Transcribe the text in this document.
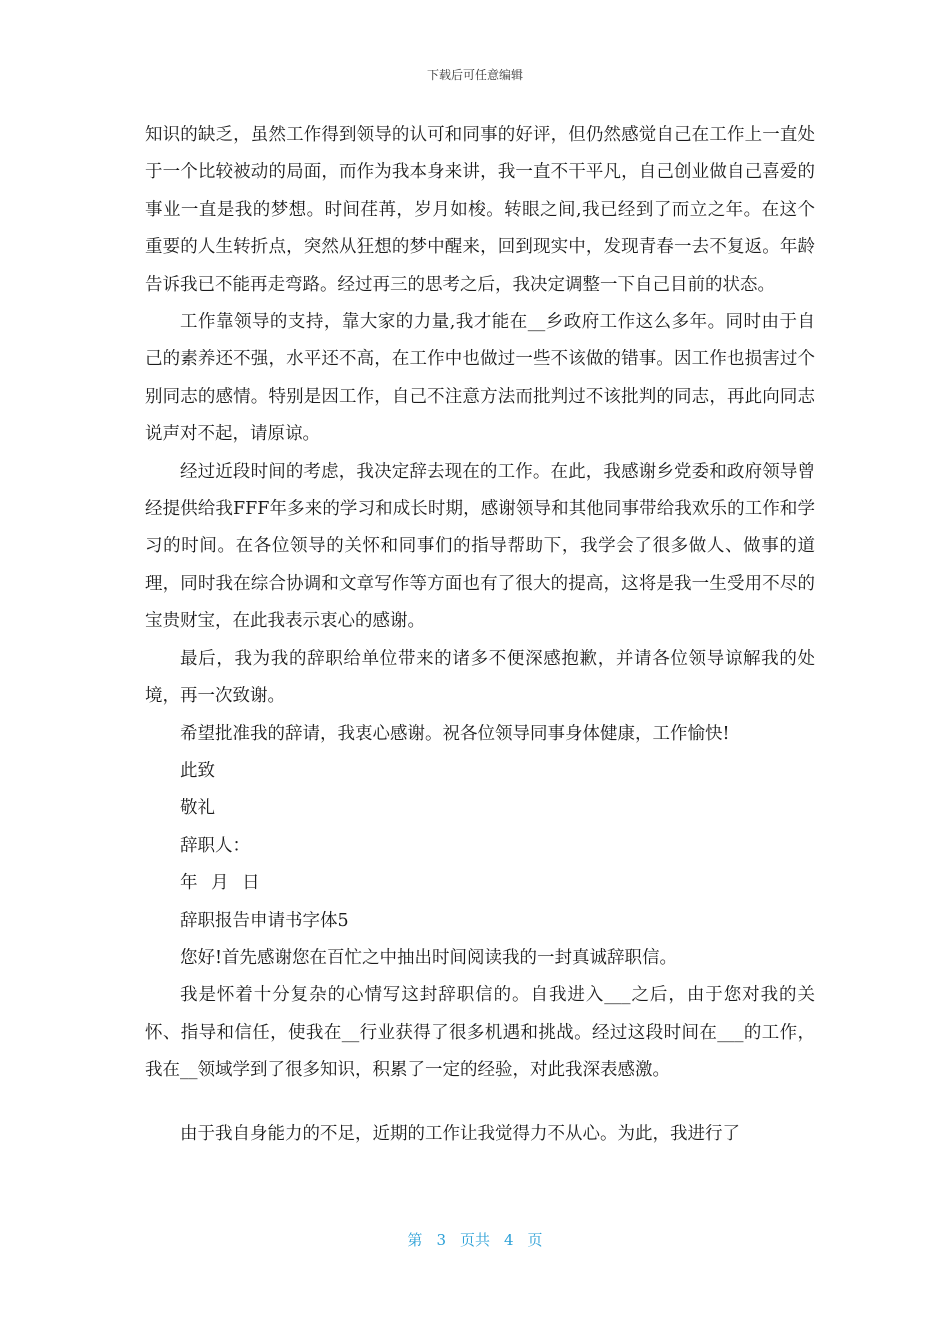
下载后可任意编辑

知识的缺乏，虽然工作得到领导的认可和同事的好评，但仍然感觉自己在工作上一直处于一个比较被动的局面，而作为我本身来讲，我一直不干平凡，自己创业做自己喜爱的事业一直是我的梦想。时间荏苒，岁月如梭。转眼之间,我已经到了而立之年。在这个重要的人生转折点，突然从狂想的梦中醒来，回到现实中，发现青春一去不复返。年龄告诉我已不能再走弯路。经过再三的思考之后，我决定调整一下自己目前的状态。

工作靠领导的支持，靠大家的力量,我才能在__乡政府工作这么多年。同时由于自己的素养还不强，水平还不高，在工作中也做过一些不该做的错事。因工作也损害过个别同志的感情。特别是因工作，自己不注意方法而批判过不该批判的同志，再此向同志说声对不起，请原谅。

经过近段时间的考虑，我决定辞去现在的工作。在此，我感谢乡党委和政府领导曾经提供给我FFF年多来的学习和成长时期，感谢领导和其他同事带给我欢乐的工作和学习的时间。在各位领导的关怀和同事们的指导帮助下，我学会了很多做人、做事的道理，同时我在综合协调和文章写作等方面也有了很大的提高，这将是我一生受用不尽的宝贵财宝，在此我表示衷心的感谢。

最后，我为我的辞职给单位带来的诸多不便深感抱歉，并请各位领导谅解我的处境，再一次致谢。

希望批准我的辞请，我衷心感谢。祝各位领导同事身体健康，工作愉快!

此致

敬礼

辞职人：

年 月 日

辞职报告申请书字体5

您好!首先感谢您在百忙之中抽出时间阅读我的一封真诚辞职信。

我是怀着十分复杂的心情写这封辞职信的。自我进入___之后，由于您对我的关怀、指导和信任，使我在__行业获得了很多机遇和挑战。经过这段时间在___的工作，我在__领域学到了很多知识，积累了一定的经验，对此我深表感激。

由于我自身能力的不足，近期的工作让我觉得力不从心。为此，我进行了

第 3 页共 4 页
